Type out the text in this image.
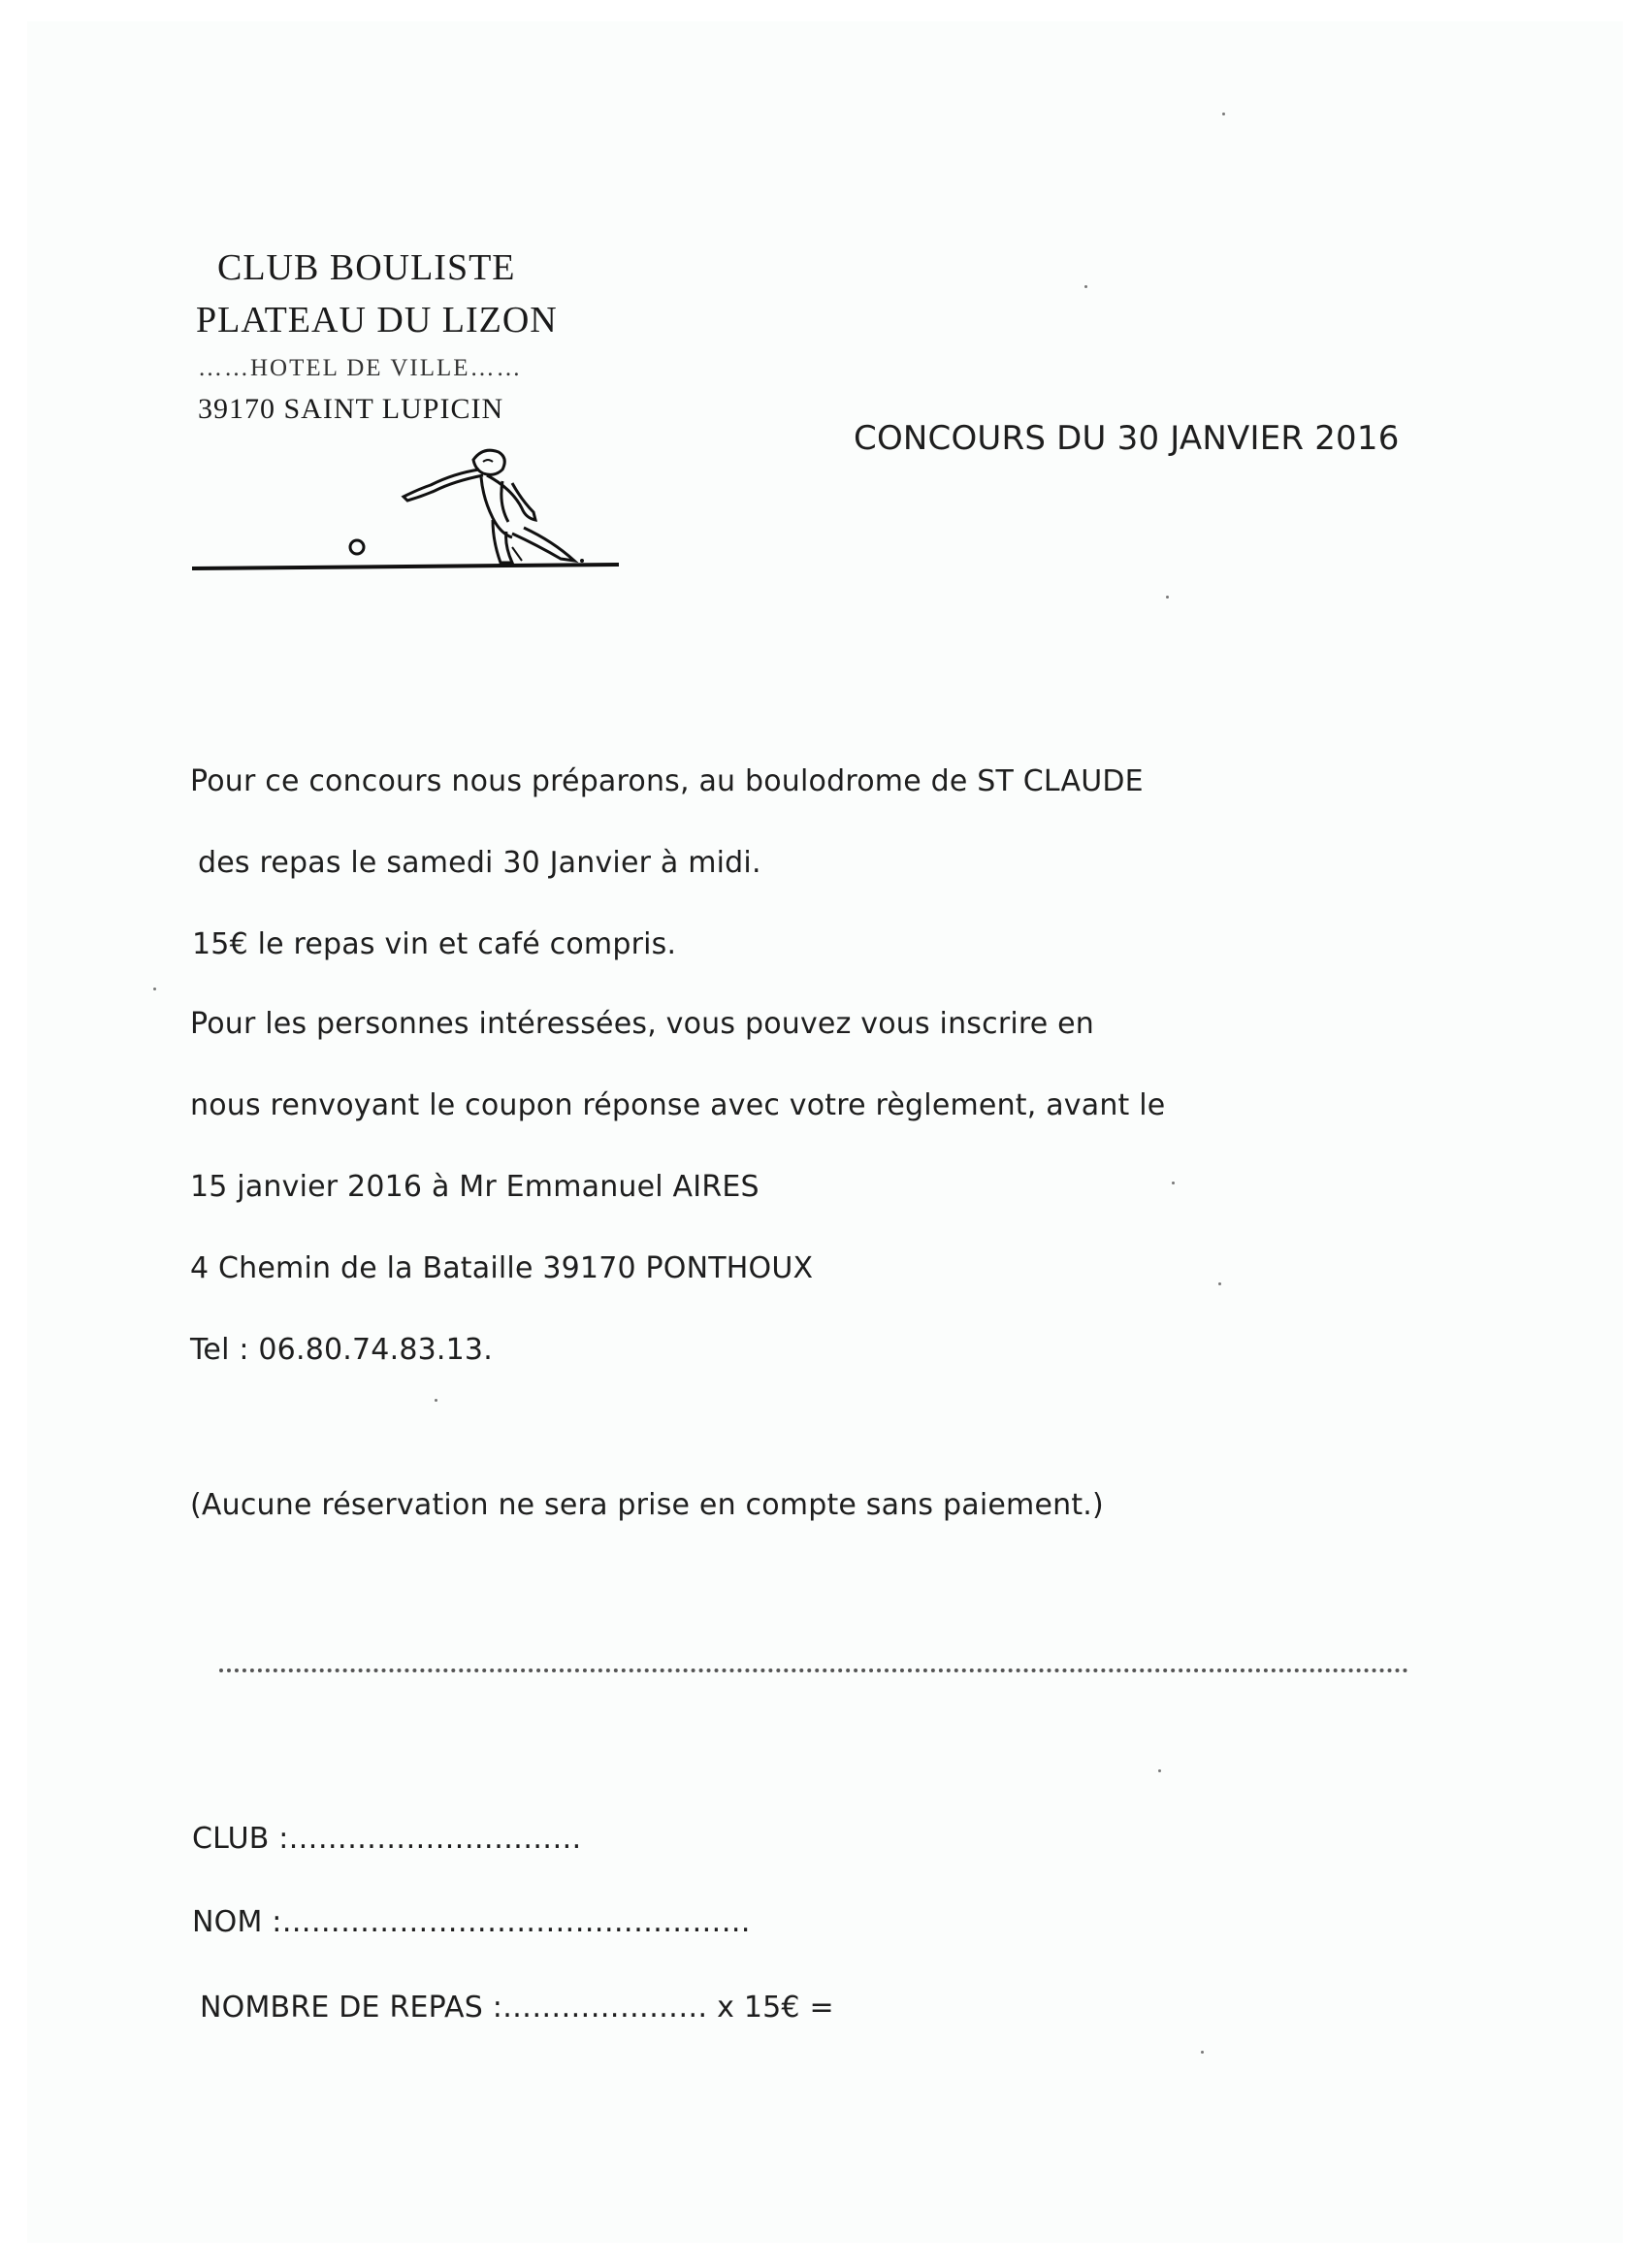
CLUB BOULISTE
PLATEAU DU LIZON
……HOTEL DE VILLE……
39170 SAINT LUPICIN
CONCOURS DU 30 JANVIER 2016
Pour ce concours nous préparons, au boulodrome de ST CLAUDE
des repas le samedi 30 Janvier à midi.
15€ le repas vin et café compris.
Pour les personnes intéressées, vous pouvez vous inscrire en
nous renvoyant le coupon réponse avec votre règlement, avant le
15 janvier 2016 à Mr Emmanuel AIRES
4 Chemin de la Bataille 39170 PONTHOUX
Tel : 06.80.74.83.13.
(Aucune réservation ne sera prise en compte sans paiement.)
CLUB :…………………………
NOM :…………………………………………
NOMBRE DE REPAS :………………… x 15€ =
